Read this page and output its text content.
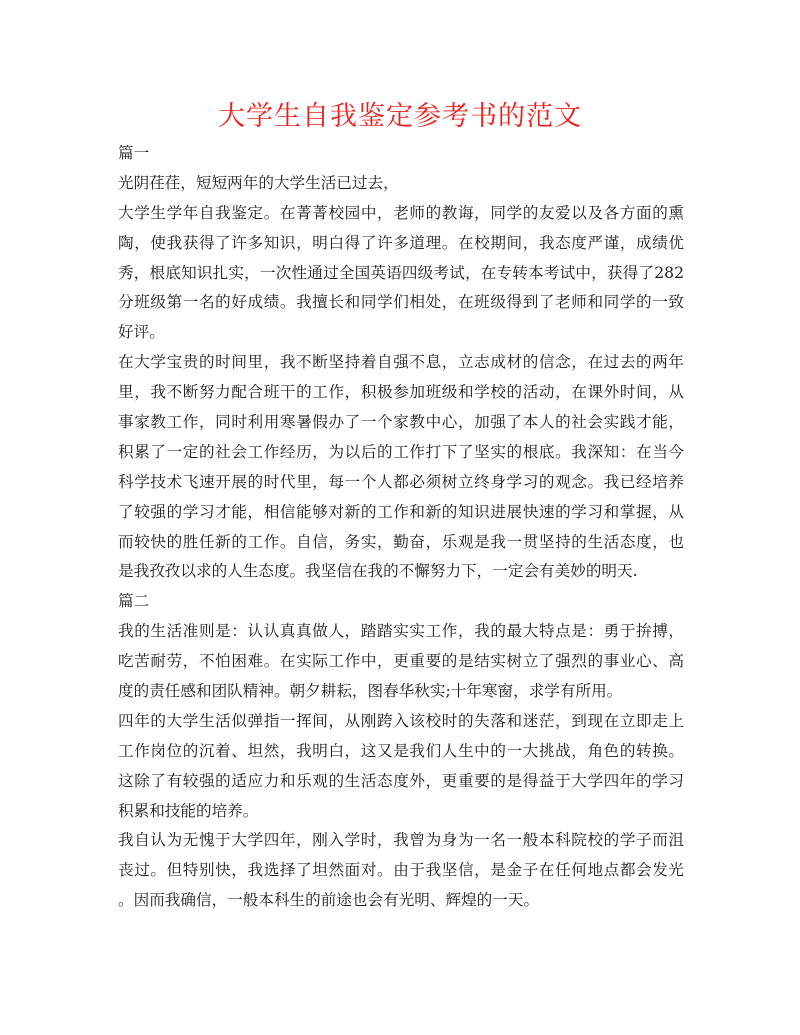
大学生自我鉴定参考书的范文
篇一
光阴荏荏，短短两年的大学生活已过去，
大学生学年自我鉴定。在菁菁校园中，老师的教诲，同学的友爱以及各方面的熏
陶，使我获得了许多知识，明白得了许多道理。在校期间，我态度严谨，成绩优
秀，根底知识扎实，一次性通过全国英语四级考试，在专转本考试中，获得了282
分班级第一名的好成绩。我擅长和同学们相处，在班级得到了老师和同学的一致
好评。
在大学宝贵的时间里，我不断坚持着自强不息，立志成材的信念，在过去的两年
里，我不断努力配合班干的工作，积极参加班级和学校的活动，在课外时间，从
事家教工作，同时利用寒暑假办了一个家教中心，加强了本人的社会实践才能，
积累了一定的社会工作经历，为以后的工作打下了坚实的根底。我深知：在当今
科学技术飞速开展的时代里，每一个人都必须树立终身学习的观念。我已经培养
了较强的学习才能，相信能够对新的工作和新的知识进展快速的学习和掌握，从
而较快的胜任新的工作。自信，务实，勤奋，乐观是我一贯坚持的生活态度，也
是我孜孜以求的人生态度。我坚信在我的不懈努力下，一定会有美妙的明天.
篇二
我的生活准则是：认认真真做人，踏踏实实工作，我的最大特点是：勇于拚搏，
吃苦耐劳，不怕困难。在实际工作中，更重要的是结实树立了强烈的事业心、高
度的责任感和团队精神。朝夕耕耘，图春华秋实;十年寒窗，求学有所用。
四年的大学生活似弹指一挥间，从刚跨入该校时的失落和迷茫，到现在立即走上
工作岗位的沉着、坦然，我明白，这又是我们人生中的一大挑战，角色的转换。
这除了有较强的适应力和乐观的生活态度外，更重要的是得益于大学四年的学习
积累和技能的培养。
我自认为无愧于大学四年，刚入学时，我曾为身为一名一般本科院校的学子而沮
丧过。但特别快，我选择了坦然面对。由于我坚信，是金子在任何地点都会发光
。因而我确信，一般本科生的前途也会有光明、辉煌的一天。
